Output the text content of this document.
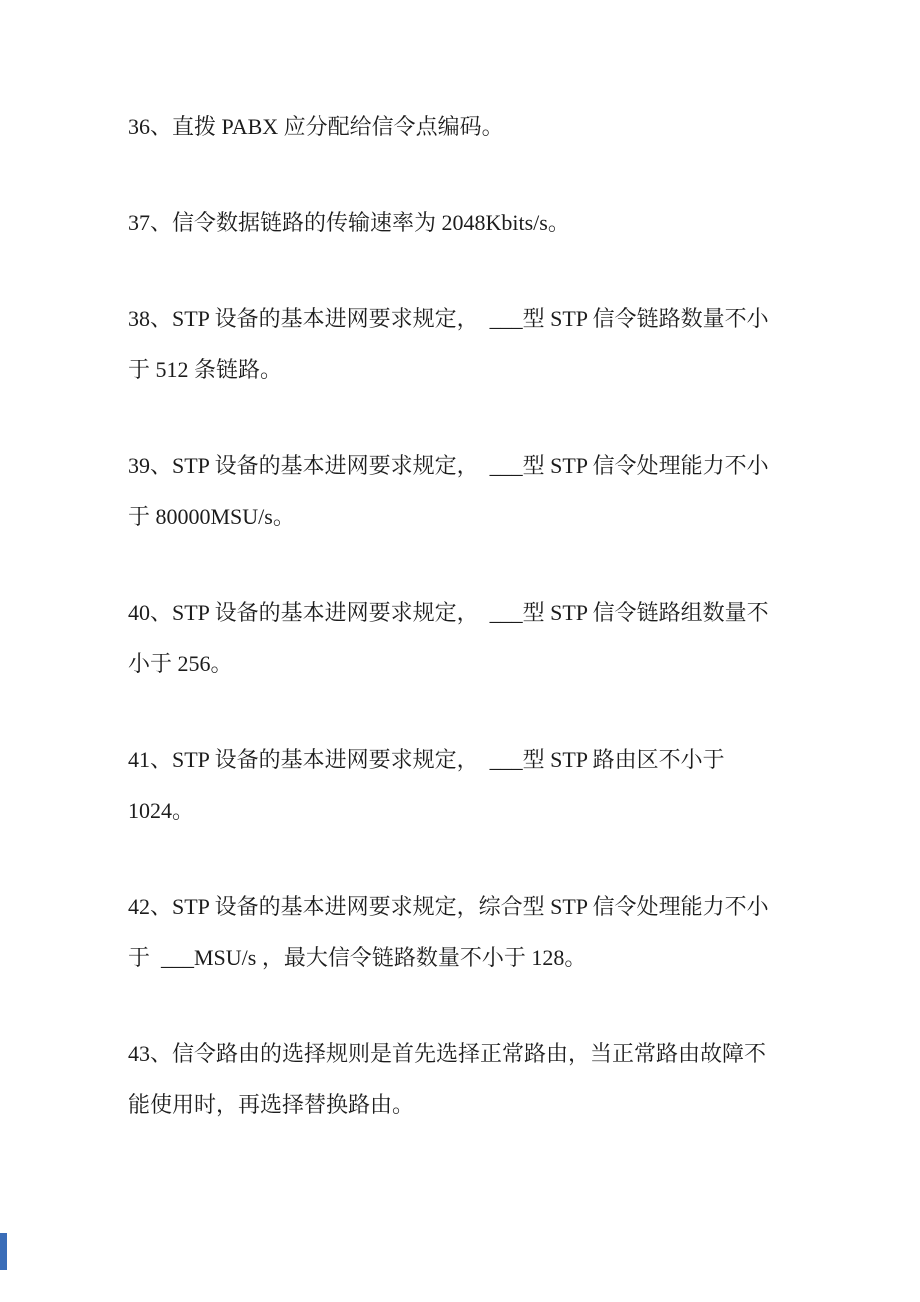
36、直拨 PABX 应分配给信令点编码。
37、信令数据链路的传输速率为 2048Kbits/s。
38、STP 设备的基本进网要求规定，  ___型 STP 信令链路数量不小
于 512 条链路。
39、STP 设备的基本进网要求规定，  ___型 STP 信令处理能力不小
于 80000MSU/s。
40、STP 设备的基本进网要求规定，  ___型 STP 信令链路组数量不
小于 256。
41、STP 设备的基本进网要求规定，  ___型 STP 路由区不小于
1024。
42、STP 设备的基本进网要求规定，综合型 STP 信令处理能力不小
于  ___MSU/s ，最大信令链路数量不小于 128。
43、信令路由的选择规则是首先选择正常路由，当正常路由故障不
能使用时，再选择替换路由。
